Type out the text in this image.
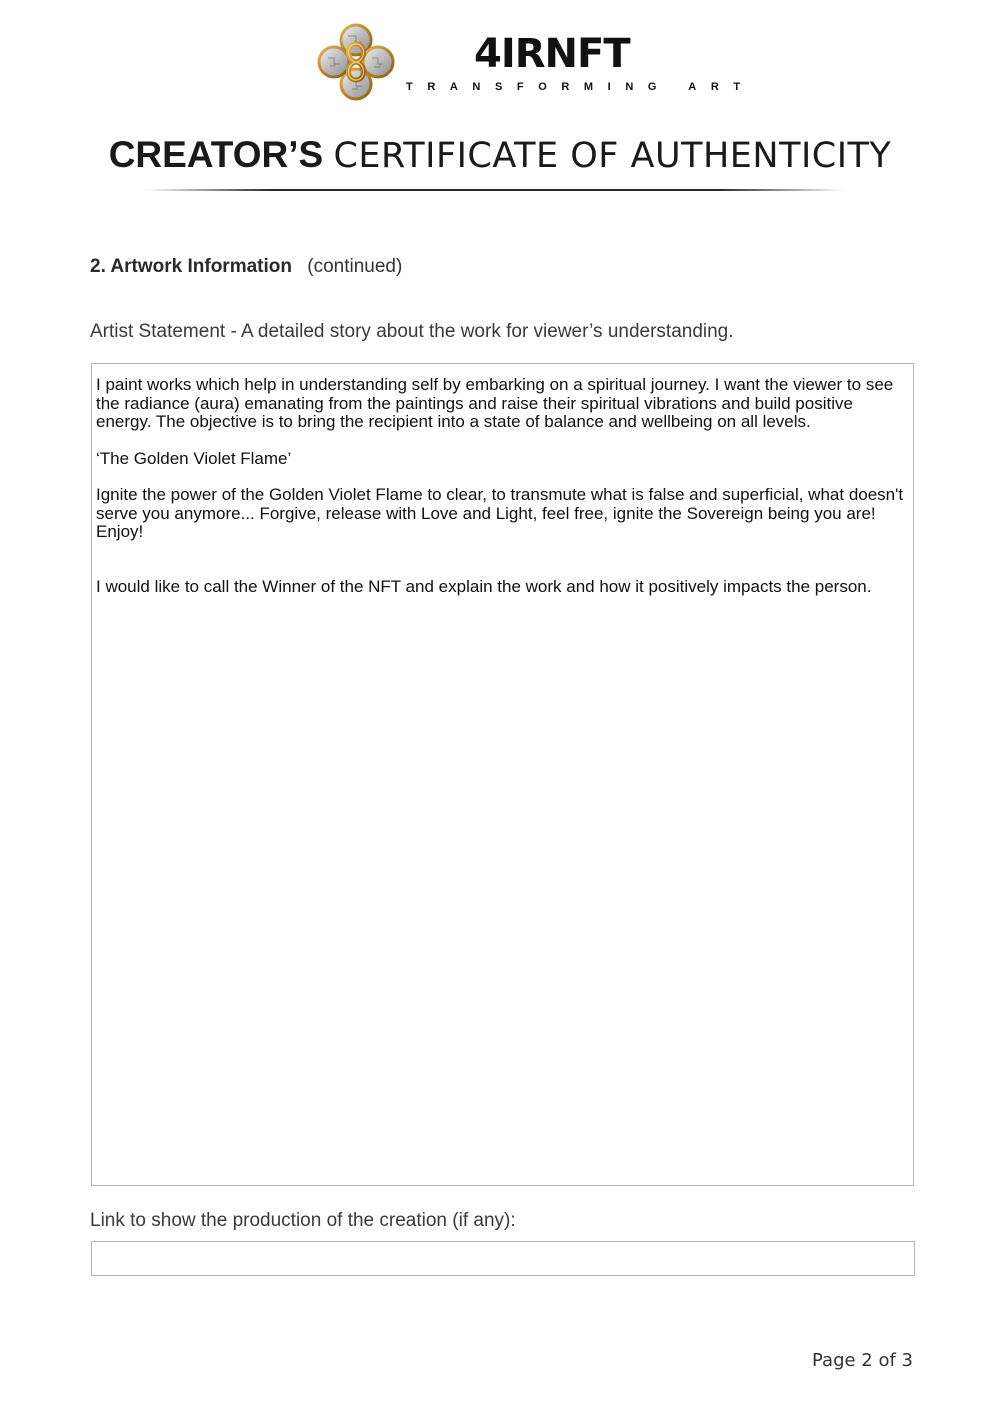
4IRNFT
TRANSFORMING ART
CREATOR’S CERTIFICATE OF AUTHENTICITY
2. Artwork Information (continued)
Artist Statement - A detailed story about the work for viewer’s understanding.

I paint works which help in understanding self by embarking on a spiritual journey. I want the viewer to see the radiance (aura) emanating from the paintings and raise their spiritual vibrations and build positive energy. The objective is to bring the recipient into a state of balance and wellbeing on all levels.

‘The Golden Violet Flame’

Ignite the power of the Golden Violet Flame to clear, to transmute what is false and superficial, what doesn't serve you anymore... Forgive, release with Love and Light, feel free, ignite the Sovereign being you are! Enjoy!

I would like to call the Winner of the NFT and explain the work and how it positively impacts the person.

Link to show the production of the creation (if any):
Page 2 of 3
